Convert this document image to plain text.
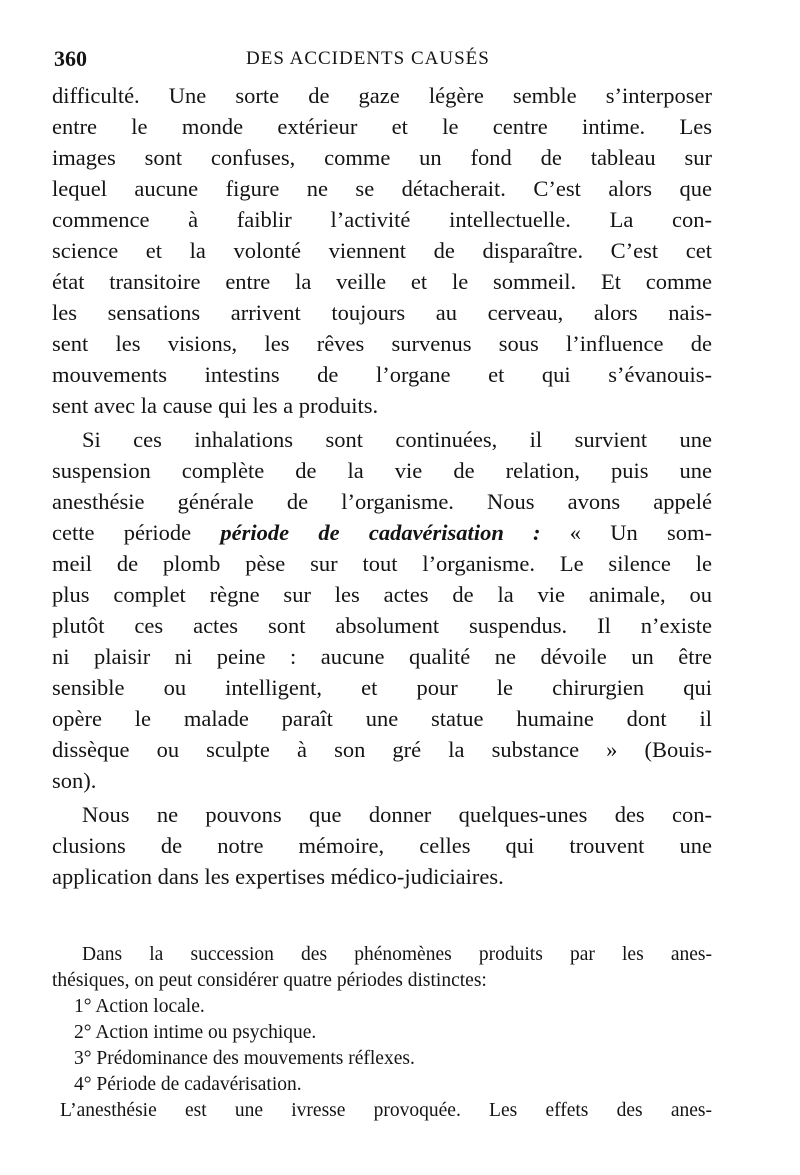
360	DES ACCIDENTS CAUSÉS
difficulté. Une sorte de gaze légère semble s’interposer
entre le monde extérieur et le centre intime. Les
images sont confuses, comme un fond de tableau sur
lequel aucune figure ne se détacherait. C’est alors que
commence à faiblir l’activité intellectuelle. La con-
science et la volonté viennent de disparaître. C’est cet
état transitoire entre la veille et le sommeil. Et comme
les sensations arrivent toujours au cerveau, alors nais-
sent les visions, les rêves survenus sous l’influence de
mouvements intestins de l’organe et qui s’évanouis-
sent avec la cause qui les a produits.
Si ces inhalations sont continuées, il survient une
suspension complète de la vie de relation, puis une
anesthésie générale de l’organisme. Nous avons appelé
cette période période de cadavérisation : « Un som-
meil de plomb pèse sur tout l’organisme. Le silence le
plus complet règne sur les actes de la vie animale, ou
plutôt ces actes sont absolument suspendus. Il n’existe
ni plaisir ni peine : aucune qualité ne dévoile un être
sensible ou intelligent, et pour le chirurgien qui
opère le malade paraît une statue humaine dont il
dissèque ou sculpte à son gré la substance » (Bouis-
son).
Nous ne pouvons que donner quelques-unes des con-
clusions de notre mémoire, celles qui trouvent une
application dans les expertises médico-judiciaires.
Dans la succession des phénomènes produits par les anes-
thésiques, on peut considérer quatre périodes distinctes:
1° Action locale.
2° Action intime ou psychique.
3° Prédominance des mouvements réflexes.
4° Période de cadavérisation.
L’anesthésie est une ivresse provoquée. Les effets des anes-
